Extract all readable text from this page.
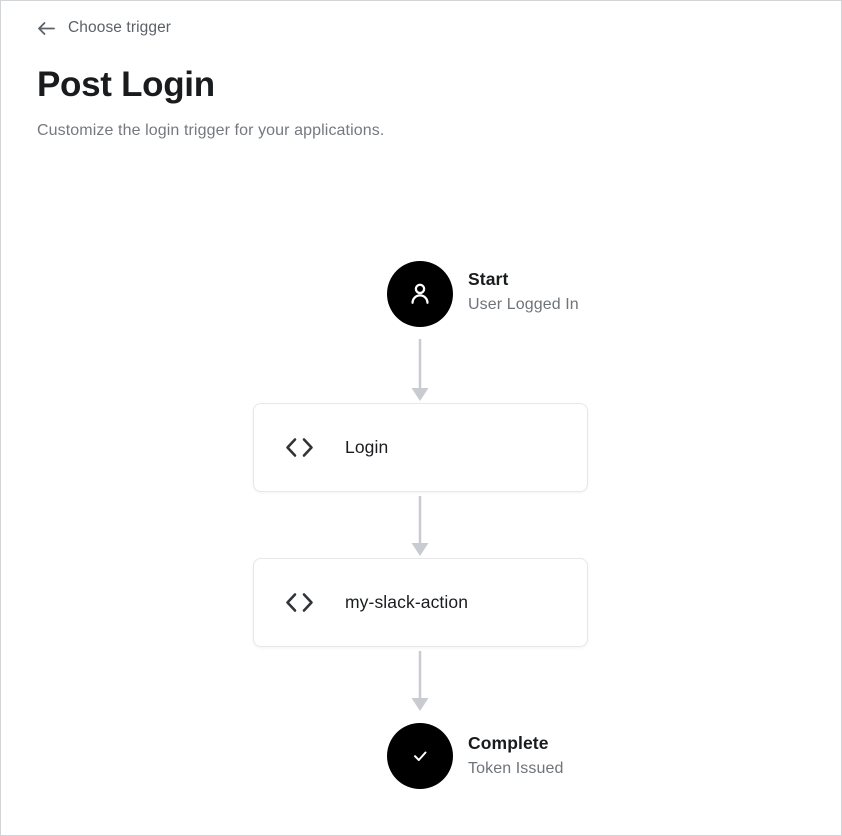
Choose trigger
Post Login
Customize the login trigger for your applications.
Start
User Logged In
Login
my-slack-action
Complete
Token Issued
